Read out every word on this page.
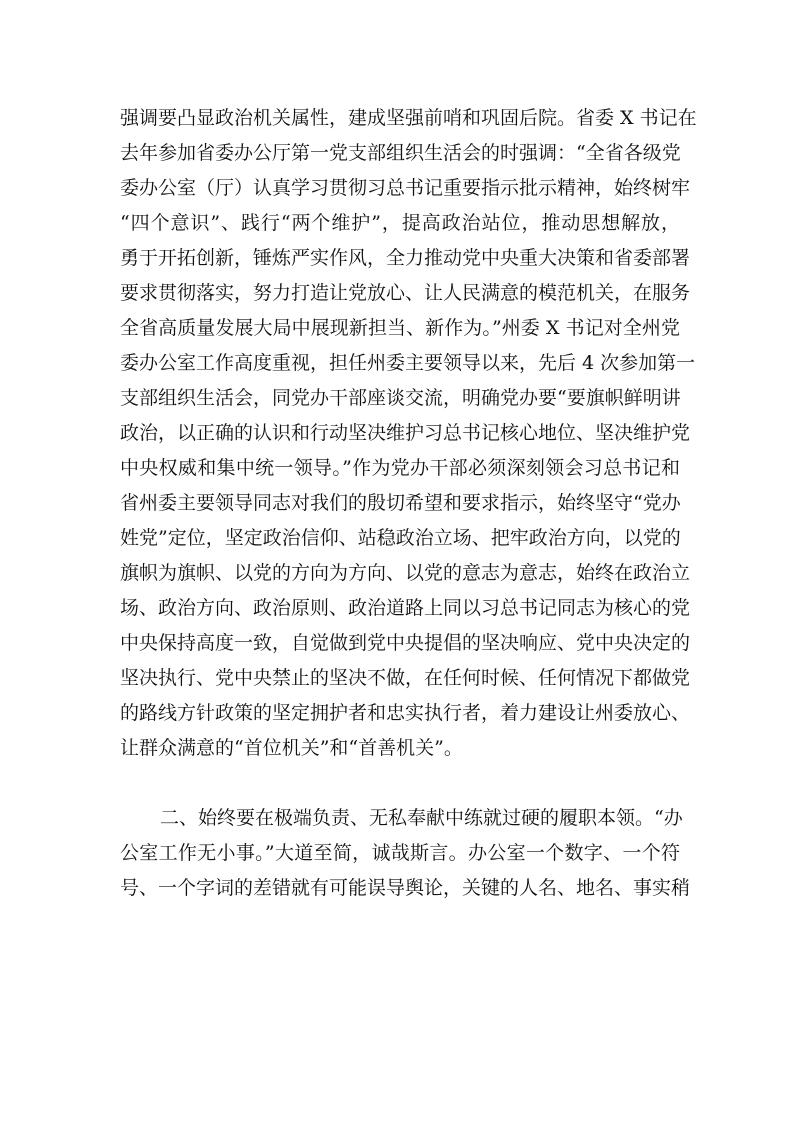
强调要凸显政治机关属性，建成坚强前哨和巩固后院。省委 X 书记在
去年参加省委办公厅第一党支部组织生活会的时强调：“全省各级党
委办公室（厅）认真学习贯彻习总书记重要指示批示精神，始终树牢
“四个意识”、践行“两个维护”，提高政治站位，推动思想解放，
勇于开拓创新，锤炼严实作风，全力推动党中央重大决策和省委部署
要求贯彻落实，努力打造让党放心、让人民满意的模范机关，在服务
全省高质量发展大局中展现新担当、新作为。”州委 X 书记对全州党
委办公室工作高度重视，担任州委主要领导以来，先后 4 次参加第一
支部组织生活会，同党办干部座谈交流，明确党办要“要旗帜鲜明讲
政治，以正确的认识和行动坚决维护习总书记核心地位、坚决维护党
中央权威和集中统一领导。”作为党办干部必须深刻领会习总书记和
省州委主要领导同志对我们的殷切希望和要求指示，始终坚守“党办
姓党”定位，坚定政治信仰、站稳政治立场、把牢政治方向，以党的
旗帜为旗帜、以党的方向为方向、以党的意志为意志，始终在政治立
场、政治方向、政治原则、政治道路上同以习总书记同志为核心的党
中央保持高度一致，自觉做到党中央提倡的坚决响应、党中央决定的
坚决执行、党中央禁止的坚决不做，在任何时候、任何情况下都做党
的路线方针政策的坚定拥护者和忠实执行者，着力建设让州委放心、
让群众满意的“首位机关”和“首善机关”。
二、始终要在极端负责、无私奉献中练就过硬的履职本领。“办
公室工作无小事。”大道至简，诚哉斯言。办公室一个数字、一个符
号、一个字词的差错就有可能误导舆论，关键的人名、地名、事实稍
